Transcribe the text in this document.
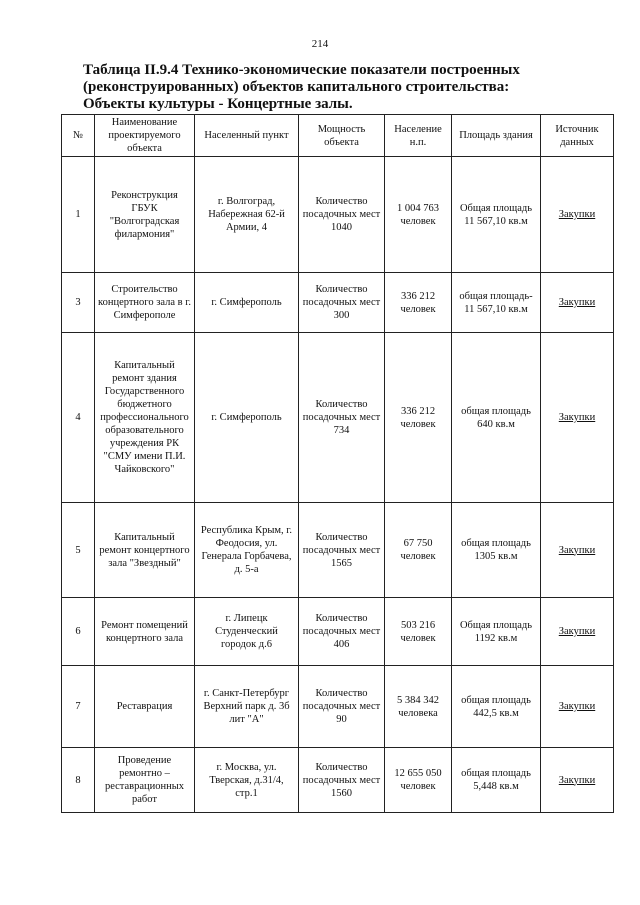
214
Таблица II.9.4 Технико-экономические показатели построенных
(реконструированных) объектов капитального строительства:
Объекты культуры - Концертные залы.
№	Наименование проектируемого объекта	Населенный пункт	Мощность объекта	Население н.п.	Площадь здания	Источник данных
1	Реконструкция ГБУК "Волгоградская филармония"	г. Волгоград, Набережная 62-й Армии, 4	Количество посадочных мест 1040	1 004 763 человек	Общая площадь 11 567,10 кв.м	Закупки
3	Строительство концертного зала в г. Симферополе	г. Симферополь	Количество посадочных мест 300	336 212 человек	общая площадь- 11 567,10 кв.м	Закупки
4	Капитальный ремонт здания Государственного бюджетного профессионального образовательного учреждения РК "СМУ имени П.И. Чайковского"	г. Симферополь	Количество посадочных мест 734	336 212 человек	общая площадь 640 кв.м	Закупки
5	Капитальный ремонт концертного зала "Звездный"	Республика Крым, г. Феодосия, ул. Генерала Горбачева, д. 5-а	Количество посадочных мест 1565	67 750 человек	общая площадь 1305 кв.м	Закупки
6	Ремонт помещений концертного зала	г. Липецк Студенческий городок д.6	Количество посадочных мест 406	503 216 человек	Общая площадь 1192 кв.м	Закупки
7	Реставрация	г. Санкт-Петербург Верхний парк д. 3б лит "А"	Количество посадочных мест 90	5 384 342 человека	общая площадь 442,5 кв.м	Закупки
8	Проведение ремонтно – реставрационных работ	г. Москва, ул. Тверская, д.31/4, стр.1	Количество посадочных мест 1560	12 655 050 человек	общая площадь 5,448 кв.м	Закупки
